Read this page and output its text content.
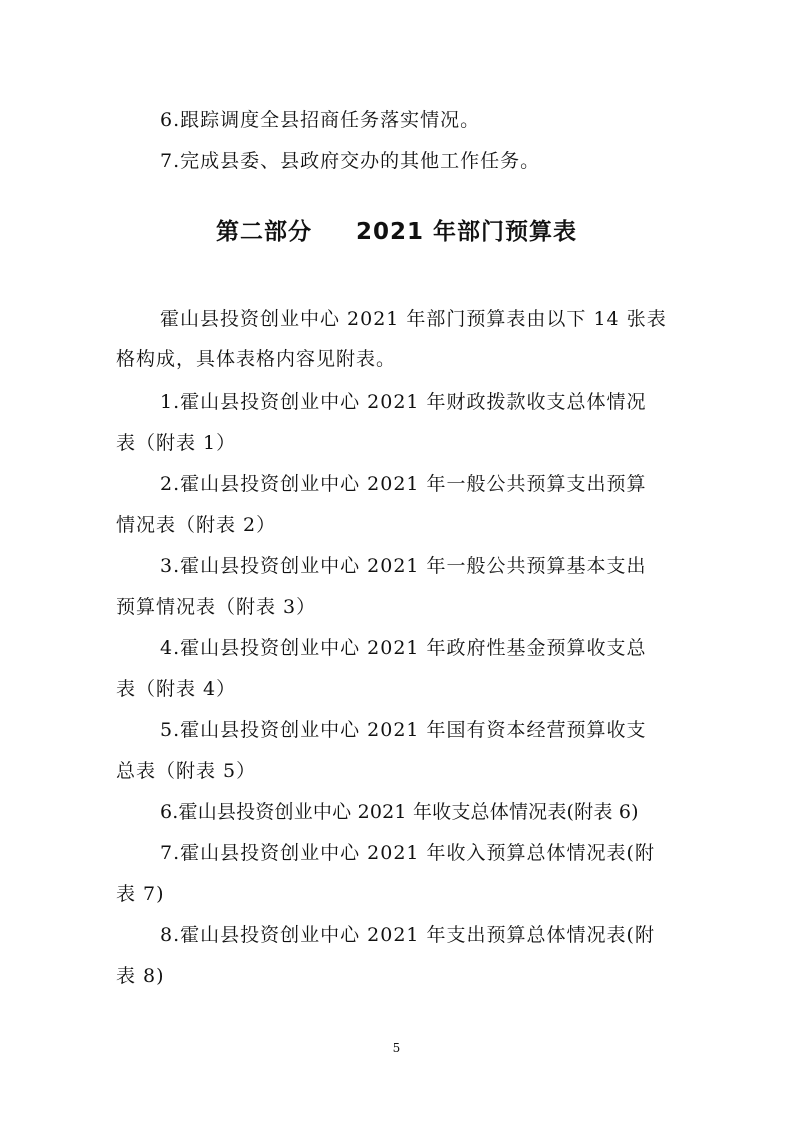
6.跟踪调度全县招商任务落实情况。
7.完成县委、县政府交办的其他工作任务。
第二部分 2021 年部门预算表
霍山县投资创业中心 2021 年部门预算表由以下 14 张表
格构成，具体表格内容见附表。
1.霍山县投资创业中心 2021 年财政拨款收支总体情况
表（附表 1）
2.霍山县投资创业中心 2021 年一般公共预算支出预算
情况表（附表 2）
3.霍山县投资创业中心 2021 年一般公共预算基本支出
预算情况表（附表 3）
4.霍山县投资创业中心 2021 年政府性基金预算收支总
表（附表 4）
5.霍山县投资创业中心 2021 年国有资本经营预算收支
总表（附表 5）
6.霍山县投资创业中心 2021 年收支总体情况表(附表 6)
7.霍山县投资创业中心 2021 年收入预算总体情况表(附
表 7)
8.霍山县投资创业中心 2021 年支出预算总体情况表(附
表 8)
5
